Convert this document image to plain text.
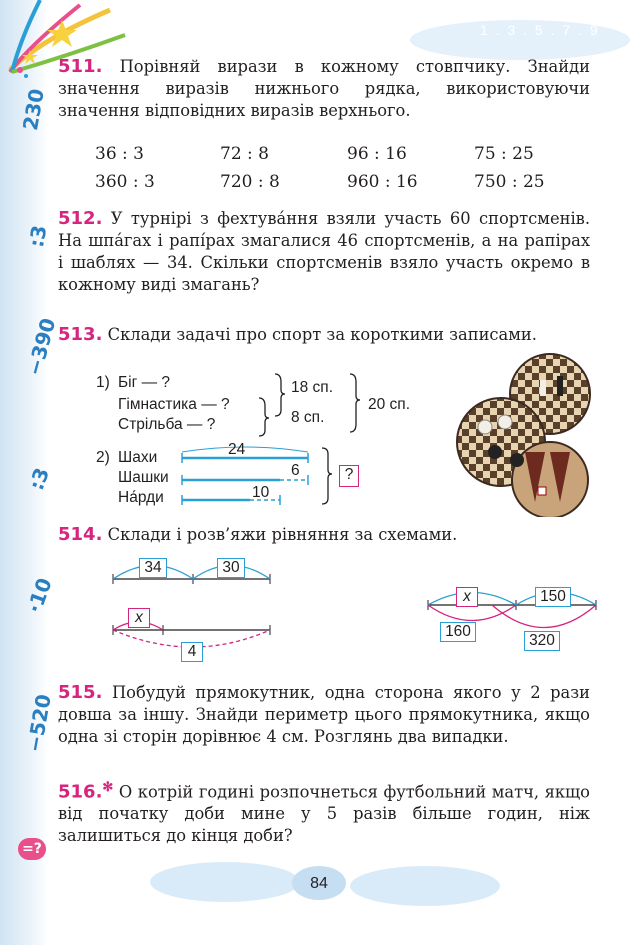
1 . 3 . 5 . 7 . 9
230
:3
−390
:3
·10
−520
=?
511. Порівняй вирази в кожному стовпчику. Знайди значення виразів нижнього рядка, використовуючи значення відповідних виразів верхнього.
36 : 3	72 : 8	96 : 16	75 : 25
360 : 3	720 : 8	960 : 16	750 : 25
512. У турнірі з фехтува́ння взяли участь 60 спортсменів. На шпа́гах і рапі́рах змагалися 46 спортсменів, а на рапірах і шаблях — 34. Скільки спортсменів взяло участь окремо в кожному виді змагань?
513. Склади задачі про спорт за короткими записами.
1) Біг — ?
Гімнастика — ?
Стрільба — ?
18 сп.
8 сп.
20 сп.
2) Шахи
Шашки
На́рди
24
6
10
?
514. Склади і розв’яжи рівняння за схемами.
34	30
x
4
x	150
160
320
515. Побудуй прямокутник, одна сторона якого у 2 рази довша за іншу. Знайди периметр цього прямокутника, якщо одна зі сторін дорівнює 4 см. Розглянь два випадки.
516.✻ О котрій годині розпочнеться футбольний матч, якщо від початку доби мине у 5 разів більше годин, ніж залишиться до кінця доби?
84
